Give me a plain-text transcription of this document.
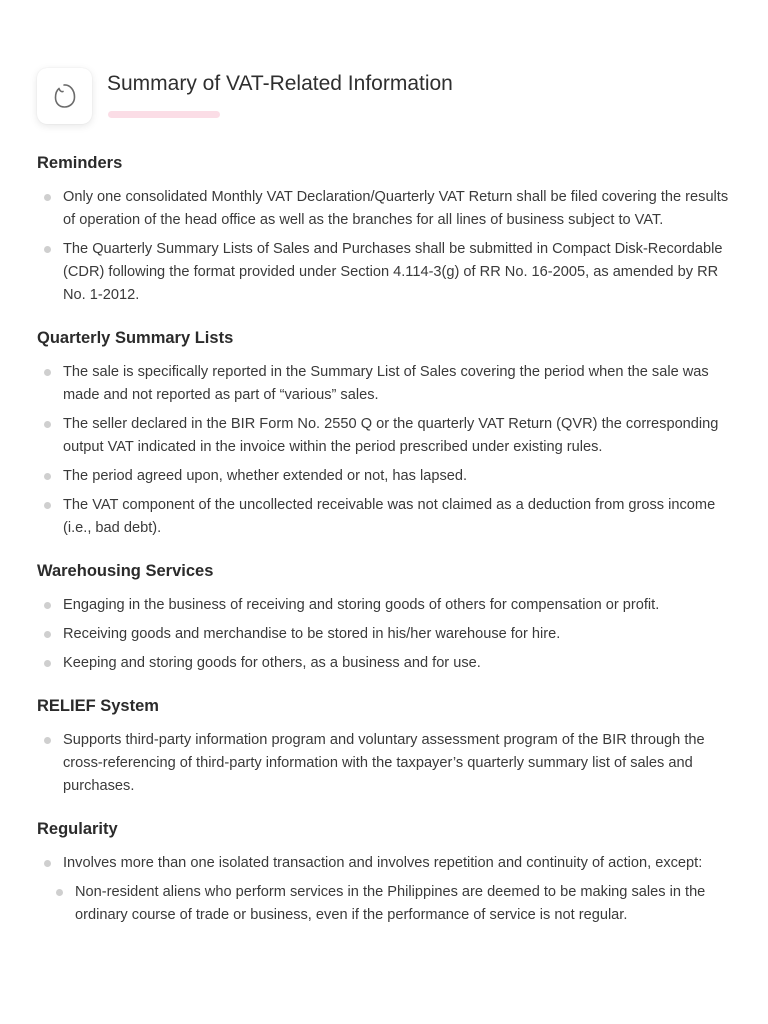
Summary of VAT-Related Information
Reminders
Only one consolidated Monthly VAT Declaration/Quarterly VAT Return shall be filed covering the results of operation of the head office as well as the branches for all lines of business subject to VAT.
The Quarterly Summary Lists of Sales and Purchases shall be submitted in Compact Disk-Recordable (CDR) following the format provided under Section 4.114-3(g) of RR No. 16-2005, as amended by RR No. 1-2012.
Quarterly Summary Lists
The sale is specifically reported in the Summary List of Sales covering the period when the sale was made and not reported as part of “various” sales.
The seller declared in the BIR Form No. 2550 Q or the quarterly VAT Return (QVR) the corresponding output VAT indicated in the invoice within the period prescribed under existing rules.
The period agreed upon, whether extended or not, has lapsed.
The VAT component of the uncollected receivable was not claimed as a deduction from gross income (i.e., bad debt).
Warehousing Services
Engaging in the business of receiving and storing goods of others for compensation or profit.
Receiving goods and merchandise to be stored in his/her warehouse for hire.
Keeping and storing goods for others, as a business and for use.
RELIEF System
Supports third-party information program and voluntary assessment program of the BIR through the cross-referencing of third-party information with the taxpayer’s quarterly summary list of sales and purchases.
Regularity
Involves more than one isolated transaction and involves repetition and continuity of action, except:
Non-resident aliens who perform services in the Philippines are deemed to be making sales in the ordinary course of trade or business, even if the performance of service is not regular.
